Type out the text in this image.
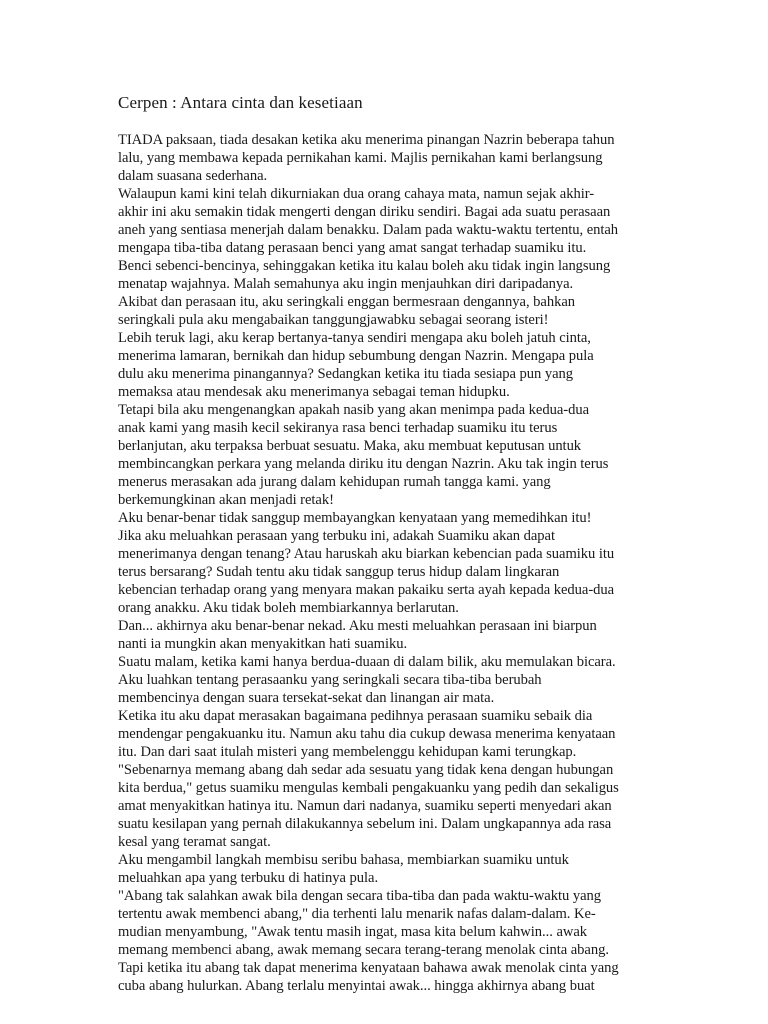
Cerpen : Antara cinta dan kesetiaan
TIADA paksaan, tiada desakan ketika aku menerima pinangan Nazrin beberapa tahun
lalu, yang membawa kepada pernikahan kami. Majlis pernikahan kami berlangsung
dalam suasana sederhana.
Walaupun kami kini telah dikurniakan dua orang cahaya mata, namun sejak akhir-
akhir ini aku semakin tidak mengerti dengan diriku sendiri. Bagai ada suatu perasaan
aneh yang sentiasa menerjah dalam benakku. Dalam pada waktu-waktu tertentu, entah
mengapa tiba-tiba datang perasaan benci yang amat sangat terhadap suamiku itu.
Benci sebenci-bencinya, sehinggakan ketika itu kalau boleh aku tidak ingin langsung
menatap wajahnya. Malah semahunya aku ingin menjauhkan diri daripadanya.
Akibat dan perasaan itu, aku seringkali enggan bermesraan dengannya, bahkan
seringkali pula aku mengabaikan tanggungjawabku sebagai seorang isteri!
Lebih teruk lagi, aku kerap bertanya-tanya sendiri mengapa aku boleh jatuh cinta,
menerima lamaran, bernikah dan hidup sebumbung dengan Nazrin. Mengapa pula
dulu aku menerima pinangannya? Sedangkan ketika itu tiada sesiapa pun yang
memaksa atau mendesak aku menerimanya sebagai teman hidupku.
Tetapi bila aku mengenangkan apakah nasib yang akan menimpa pada kedua-dua
anak kami yang masih kecil sekiranya rasa benci terhadap suamiku itu terus
berlanjutan, aku terpaksa berbuat sesuatu. Maka, aku membuat keputusan untuk
membincangkan perkara yang melanda diriku itu dengan Nazrin. Aku tak ingin terus
menerus merasakan ada jurang dalam kehidupan rumah tangga kami. yang
berkemungkinan akan menjadi retak!
Aku benar-benar tidak sanggup membayangkan kenyataan yang memedihkan itu!
Jika aku meluahkan perasaan yang terbuku ini, adakah Suamiku akan dapat
menerimanya dengan tenang? Atau haruskah aku biarkan kebencian pada suamiku itu
terus bersarang? Sudah tentu aku tidak sanggup terus hidup dalam lingkaran
kebencian terhadap orang yang menyara makan pakaiku serta ayah kepada kedua-dua
orang anakku. Aku tidak boleh membiarkannya berlarutan.
Dan... akhirnya aku benar-benar nekad. Aku mesti meluahkan perasaan ini biarpun
nanti ia mungkin akan menyakitkan hati suamiku.
Suatu malam, ketika kami hanya berdua-duaan di dalam bilik, aku memulakan bicara.
Aku luahkan tentang perasaanku yang seringkali secara tiba-tiba berubah
membencinya dengan suara tersekat-sekat dan linangan air mata.
Ketika itu aku dapat merasakan bagaimana pedihnya perasaan suamiku sebaik dia
mendengar pengakuanku itu. Namun aku tahu dia cukup dewasa menerima kenyataan
itu. Dan dari saat itulah misteri yang membelenggu kehidupan kami terungkap.
"Sebenarnya memang abang dah sedar ada sesuatu yang tidak kena dengan hubungan
kita berdua," getus suamiku mengulas kembali pengakuanku yang pedih dan sekaligus
amat menyakitkan hatinya itu. Namun dari nadanya, suamiku seperti menyedari akan
suatu kesilapan yang pernah dilakukannya sebelum ini. Dalam ungkapannya ada rasa
kesal yang teramat sangat.
Aku mengambil langkah membisu seribu bahasa, membiarkan suamiku untuk
meluahkan apa yang terbuku di hatinya pula.
"Abang tak salahkan awak bila dengan secara tiba-tiba dan pada waktu-waktu yang
tertentu awak membenci abang," dia terhenti lalu menarik nafas dalam-dalam. Ke-
mudian menyambung, "Awak tentu masih ingat, masa kita belum kahwin... awak
memang membenci abang, awak memang secara terang-terang menolak cinta abang.
Tapi ketika itu abang tak dapat menerima kenyataan bahawa awak menolak cinta yang
cuba abang hulurkan. Abang terlalu menyintai awak... hingga akhirnya abang buat
